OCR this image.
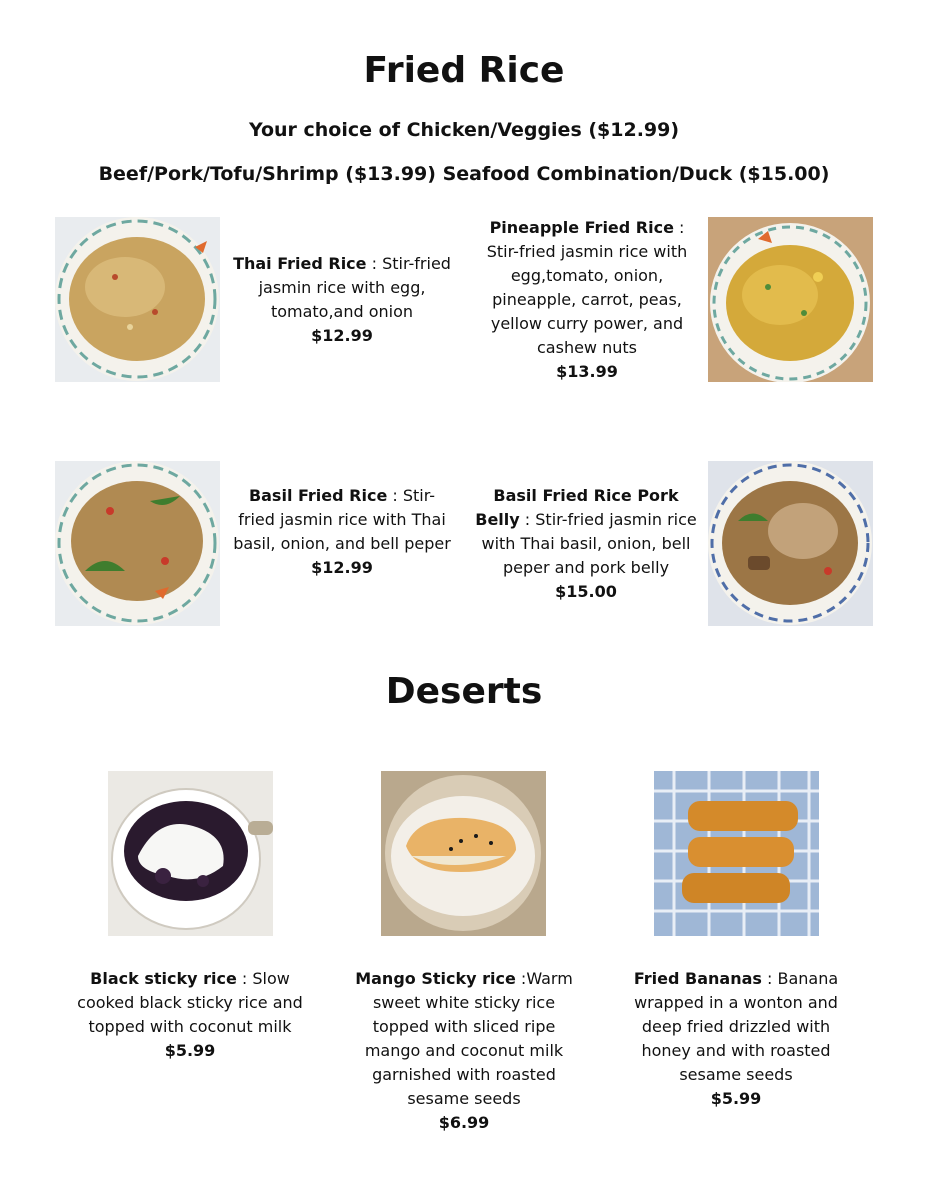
Fried Rice

Your choice of Chicken/Veggies ($12.99)

Beef/Pork/Tofu/Shrimp ($13.99) Seafood Combination/Duck ($15.00)

Thai Fried Rice : Stir-fried jasmin rice with egg, tomato,and onion
$12.99
Pineapple Fried Rice : Stir-fried jasmin rice with egg,tomato, onion, pineapple, carrot, peas, yellow curry power, and cashew nuts
$13.99
Basil Fried Rice : Stir-fried jasmin rice with Thai basil, onion, and bell peper
$12.99
Basil Fried Rice Pork Belly : Stir-fried jasmin rice with Thai basil, onion, bell peper and pork belly
$15.00
Deserts
Black sticky rice : Slow cooked black sticky rice and topped with coconut milk
$5.99
Mango Sticky rice :Warm sweet white sticky rice topped with sliced ripe mango and coconut milk garnished with roasted sesame seeds
$6.99
Fried Bananas : Banana wrapped in a wonton and deep fried drizzled with honey and with roasted sesame seeds
$5.99
